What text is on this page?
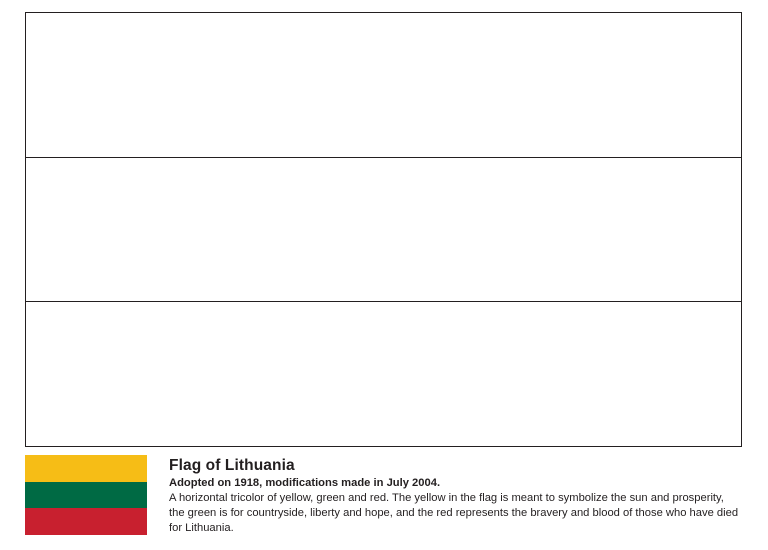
Flag of Lithuania

Adopted on 1918, modifications made in July 2004.

A horizontal tricolor of yellow, green and red. The yellow in the flag is meant to symbolize the sun and prosperity, the green is for countryside, liberty and hope, and the red represents the bravery and blood of those who have died for Lithuania.
